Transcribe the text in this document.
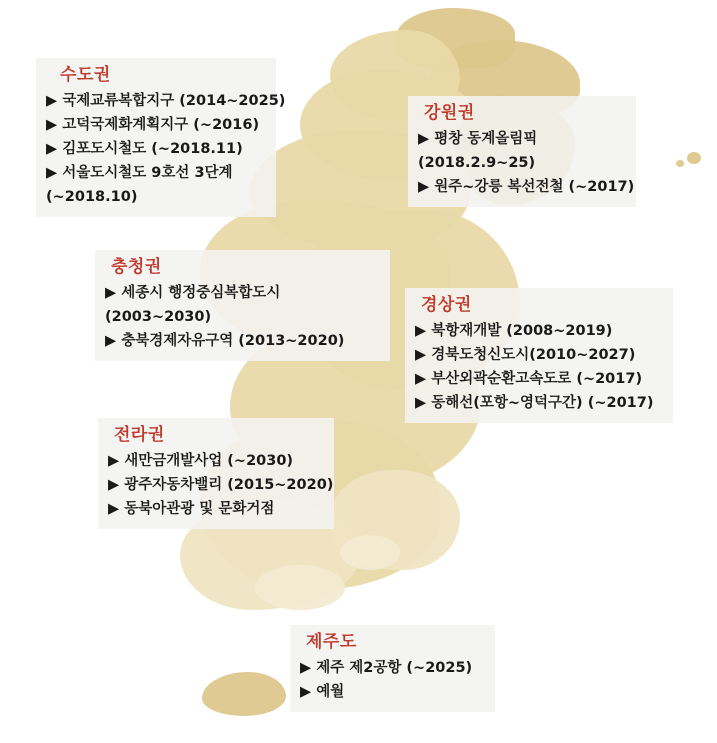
수도권
▶ 국제교류복합지구 (2014~2025)
▶ 고덕국제화계획지구 (~2016)
▶ 김포도시철도 (~2018.11)
▶ 서울도시철도 9호선 3단계
(~2018.10)
강원권
▶ 평창 동계올림픽
(2018.2.9~25)
▶ 원주~강릉 복선전철 (~2017)
충청권
▶ 세종시 행정중심복합도시
(2003~2030)
▶ 충북경제자유구역 (2013~2020)
경상권
▶ 북항재개발 (2008~2019)
▶ 경북도청신도시(2010~2027)
▶ 부산외곽순환고속도로 (~2017)
▶ 동해선(포항~영덕구간) (~2017)
전라권
▶ 새만금개발사업 (~2030)
▶ 광주자동차밸리 (2015~2020)
▶ 동북아관광 및 문화거점
제주도
▶ 제주 제2공항 (~2025)
▶ 예월
